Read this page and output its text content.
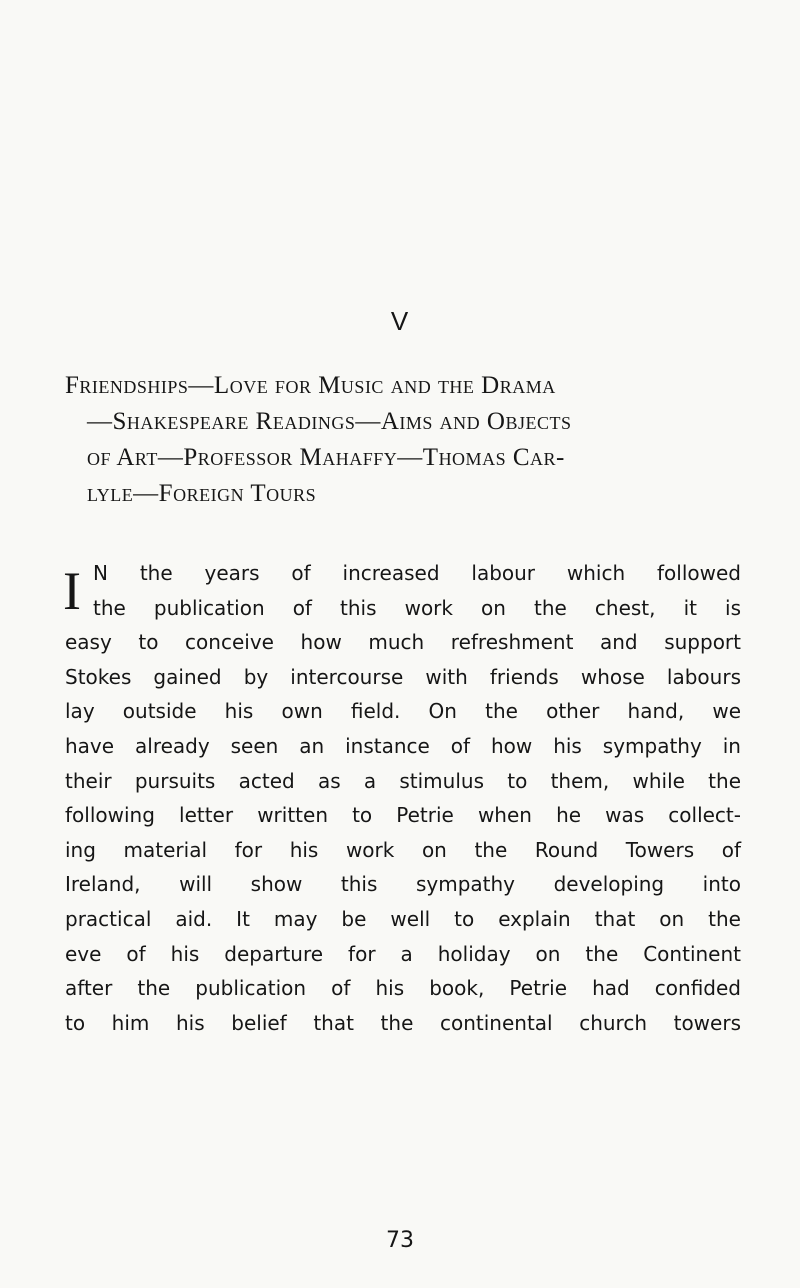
V
Friendships—Love for Music and the Drama
—Shakespeare Readings—Aims and Objects
of Art—Professor Mahaffy—Thomas Car-
lyle—Foreign Tours
I N the years of increased labour which followed
the publication of this work on the chest, it is
easy to conceive how much refreshment and support
Stokes gained by intercourse with friends whose labours
lay outside his own field. On the other hand, we
have already seen an instance of how his sympathy in
their pursuits acted as a stimulus to them, while the
following letter written to Petrie when he was collect-
ing material for his work on the Round Towers of
Ireland, will show this sympathy developing into
practical aid. It may be well to explain that on the
eve of his departure for a holiday on the Continent
after the publication of his book, Petrie had confided
to him his belief that the continental church towers
73
